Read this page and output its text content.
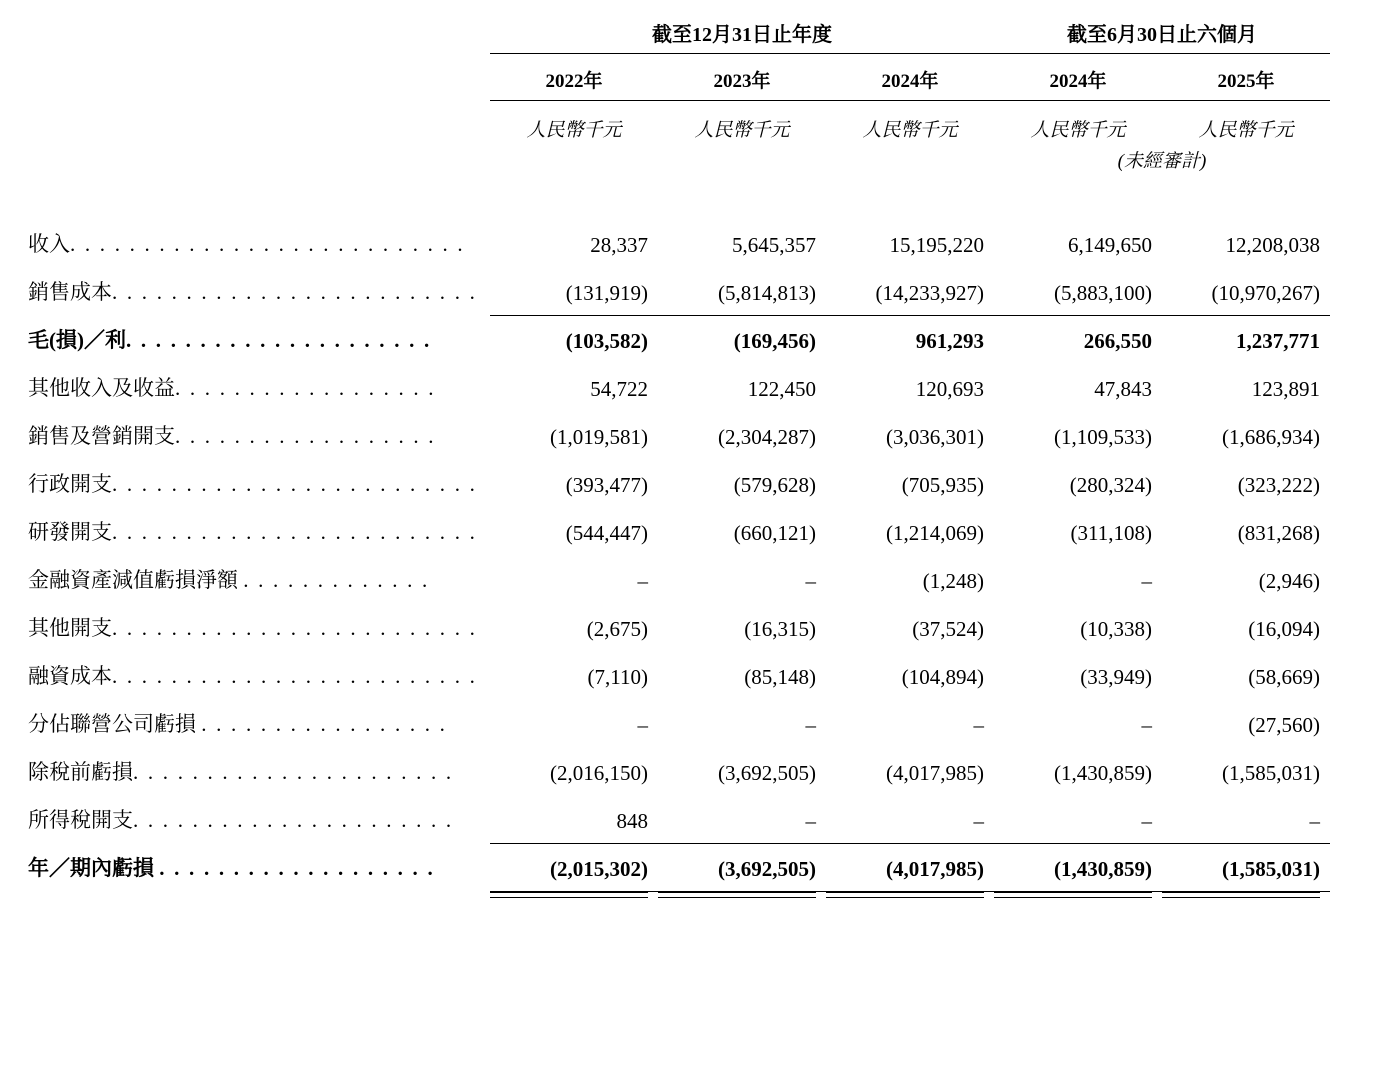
	截至12月31日止年度			截至6月30日止六個月	
	2022年	2023年	2024年	2024年	2025年
	人民幣千元	人民幣千元	人民幣千元	人民幣千元	人民幣千元
				(未經審計)	

收入. . . . . . . . . . . . . . . . . . . . . . . . . . .	28,337	5,645,357	15,195,220	6,149,650	12,208,038
銷售成本. . . . . . . . . . . . . . . . . . . . . . . . .	(131,919)	(5,814,813)	(14,233,927)	(5,883,100)	(10,970,267)
毛(損)／利. . . . . . . . . . . . . . . . . . . . .	(103,582)	(169,456)	961,293	266,550	1,237,771
其他收入及收益. . . . . . . . . . . . . . . . . .	54,722	122,450	120,693	47,843	123,891
銷售及營銷開支. . . . . . . . . . . . . . . . . .	(1,019,581)	(2,304,287)	(3,036,301)	(1,109,533)	(1,686,934)
行政開支. . . . . . . . . . . . . . . . . . . . . . . . .	(393,477)	(579,628)	(705,935)	(280,324)	(323,222)
研發開支. . . . . . . . . . . . . . . . . . . . . . . . .	(544,447)	(660,121)	(1,214,069)	(311,108)	(831,268)
金融資產減值虧損淨額 . . . . . . . . . . . . .	–	–	(1,248)	–	(2,946)
其他開支. . . . . . . . . . . . . . . . . . . . . . . . .	(2,675)	(16,315)	(37,524)	(10,338)	(16,094)
融資成本. . . . . . . . . . . . . . . . . . . . . . . . .	(7,110)	(85,148)	(104,894)	(33,949)	(58,669)
分佔聯營公司虧損 . . . . . . . . . . . . . . . . .	–	–	–	–	(27,560)
除稅前虧損. . . . . . . . . . . . . . . . . . . . . .	(2,016,150)	(3,692,505)	(4,017,985)	(1,430,859)	(1,585,031)
所得稅開支. . . . . . . . . . . . . . . . . . . . . .	848	–	–	–	–
年／期內虧損 . . . . . . . . . . . . . . . . . . .	(2,015,302)	(3,692,505)	(4,017,985)	(1,430,859)	(1,585,031)
